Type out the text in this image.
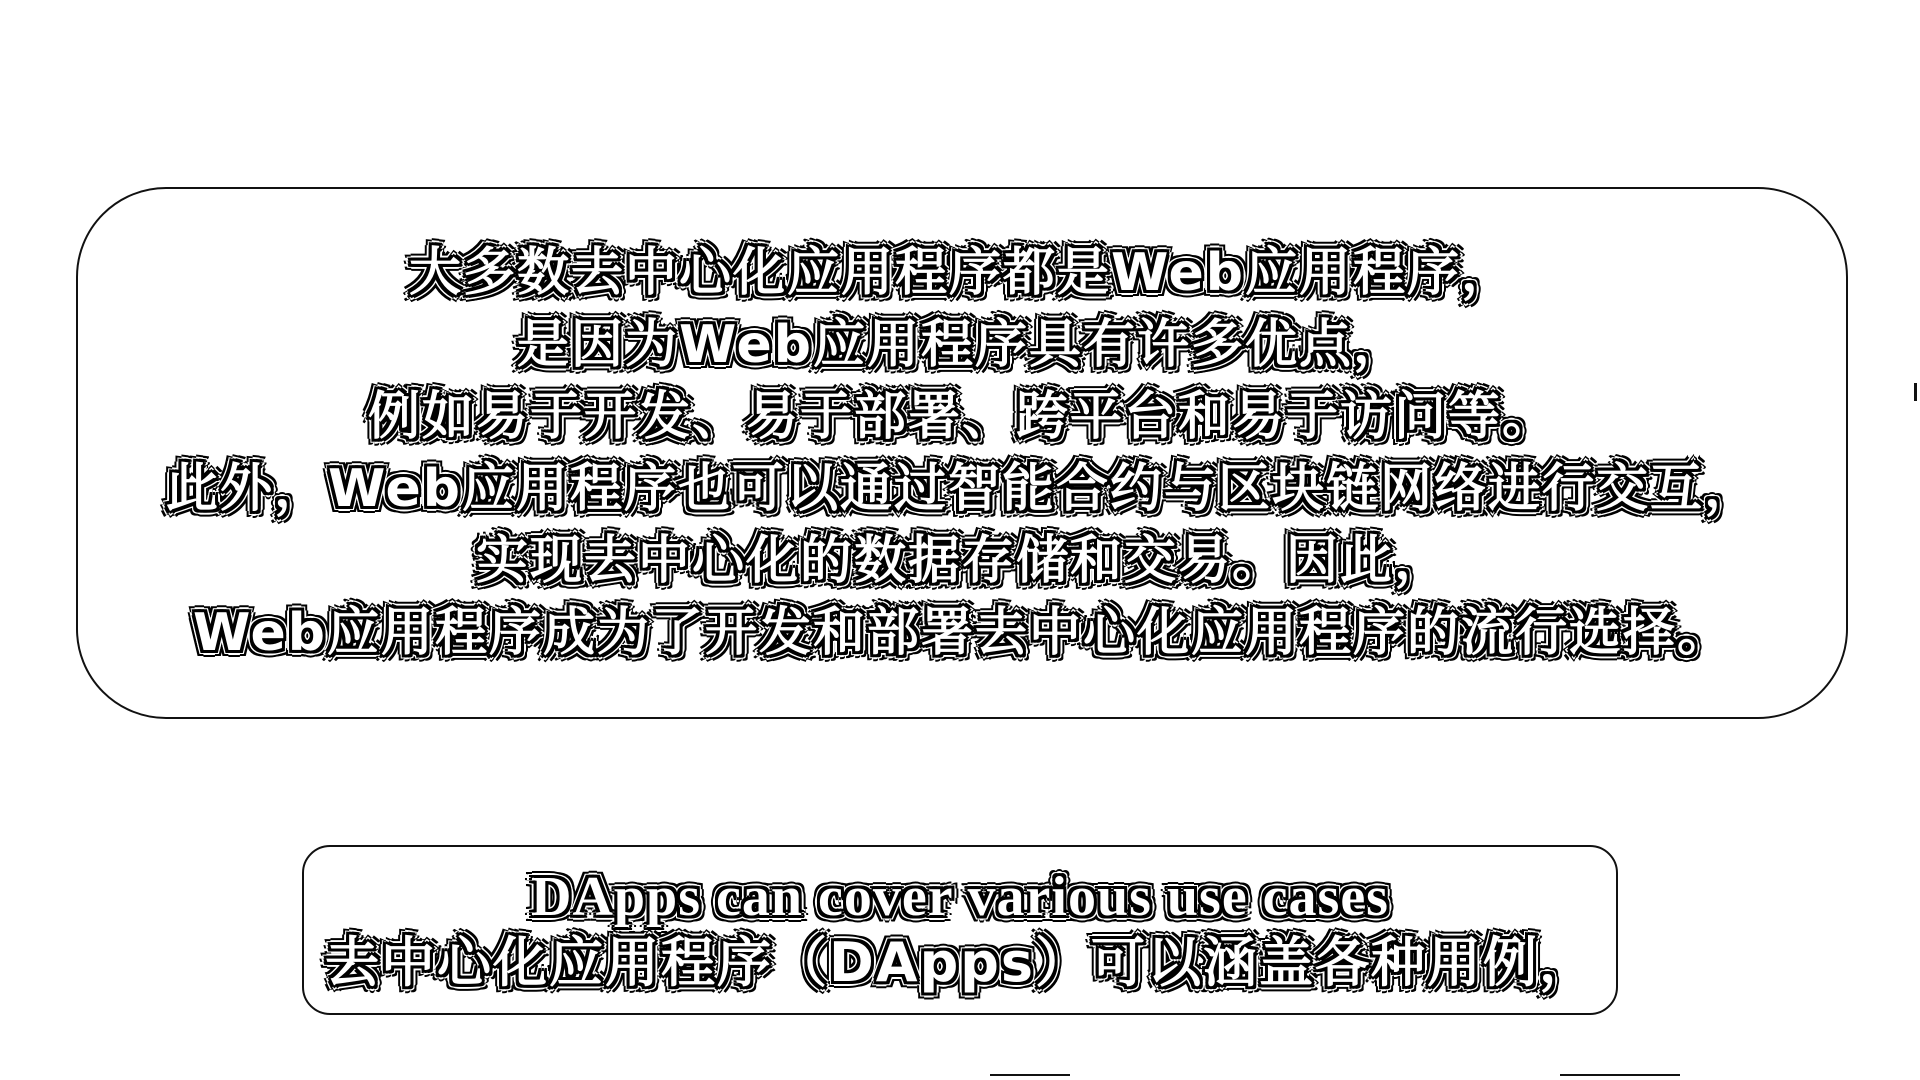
大多数去中心化应用程序都是Web应用程序，
是因为Web应用程序具有许多优点，
例如易于开发、易于部署、跨平台和易于访问等。
此外，Web应用程序也可以通过智能合约与区块链网络进行交互，
实现去中心化的数据存储和交易。因此，
Web应用程序成为了开发和部署去中心化应用程序的流行选择。
DApps can cover various use cases
去中心化应用程序（DApps）可以涵盖各种用例，
